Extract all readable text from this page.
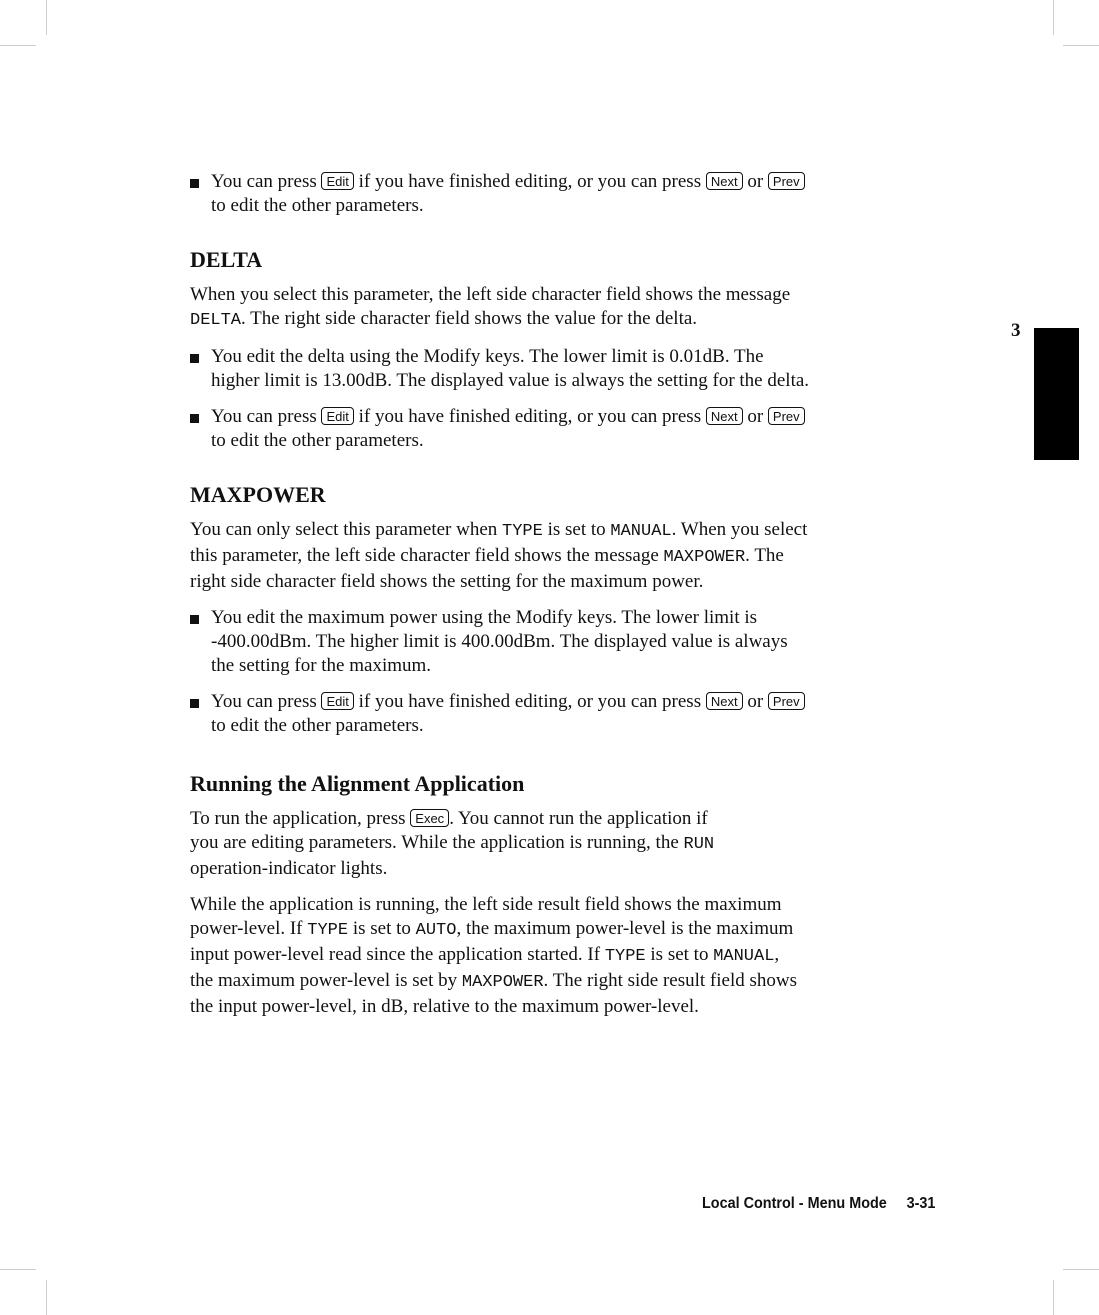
3
You can press Edit if you have finished editing, or you can press Next or Prev
to edit the other parameters.
DELTA

When you select this parameter, the left side character field shows the message
DELTA. The right side character field shows the value for the delta.

You edit the delta using the Modify keys. The lower limit is 0.01dB. The
higher limit is 13.00dB. The displayed value is always the setting for the delta.
You can press Edit if you have finished editing, or you can press Next or Prev
to edit the other parameters.
MAXPOWER

You can only select this parameter when TYPE is set to MANUAL. When you select
this parameter, the left side character field shows the message MAXPOWER. The
right side character field shows the setting for the maximum power.

You edit the maximum power using the Modify keys. The lower limit is
-400.00dBm. The higher limit is 400.00dBm. The displayed value is always
the setting for the maximum.
You can press Edit if you have finished editing, or you can press Next or Prev
to edit the other parameters.
Running the Alignment Application

To run the application, press Exec . You cannot run the application if
you are editing parameters. While the application is running, the RUN
operation-indicator lights.

While the application is running, the left side result field shows the maximum
power-level. If TYPE is set to AUTO, the maximum power-level is the maximum
input power-level read since the application started. If TYPE is set to MANUAL,
the maximum power-level is set by MAXPOWER. The right side result field shows
the input power-level, in dB, relative to the maximum power-level.

Local Control - Menu Mode 3-31
